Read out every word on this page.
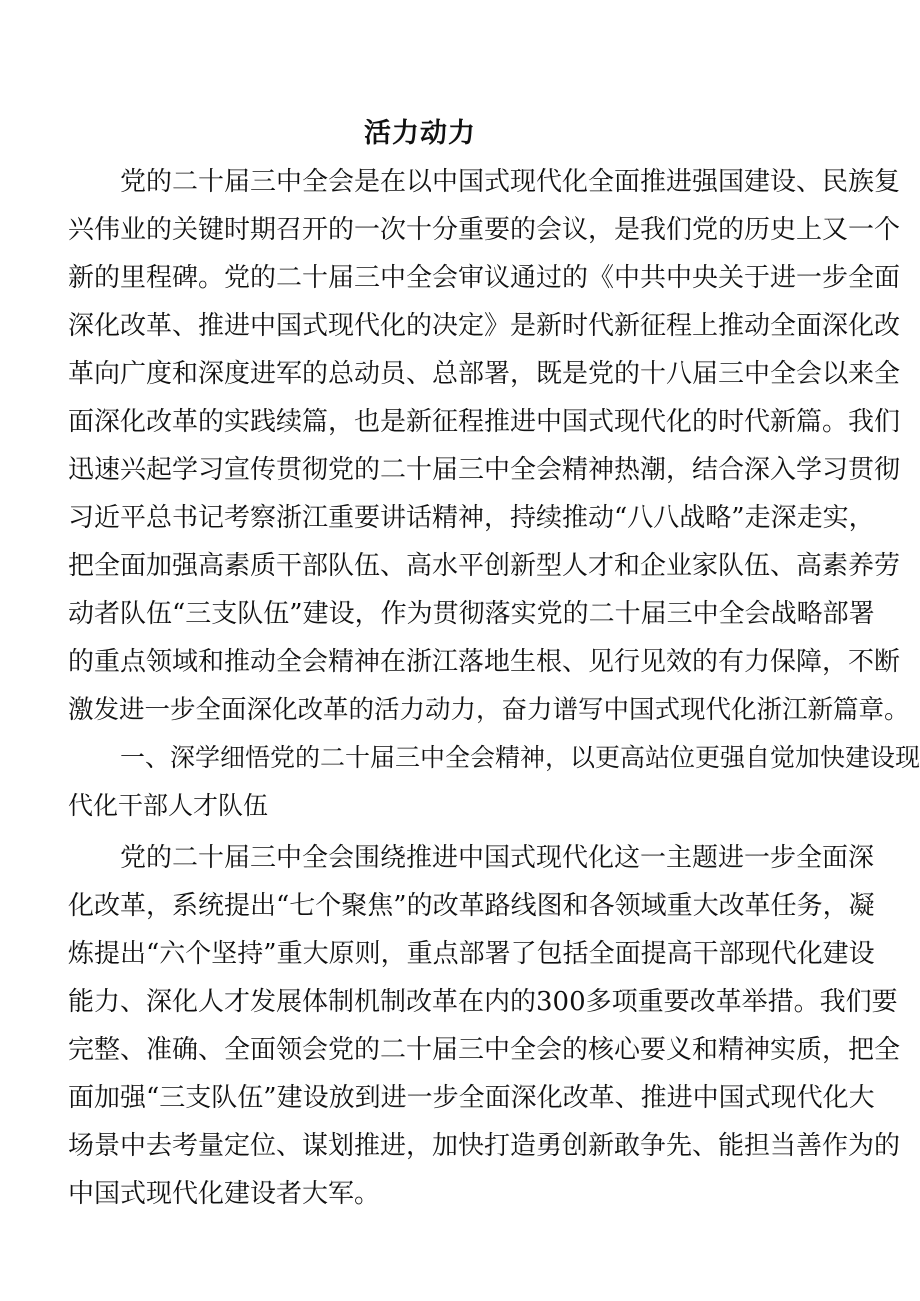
活力动力
党的二十届三中全会是在以中国式现代化全面推进强国建设、民族复
兴伟业的关键时期召开的一次十分重要的会议，是我们党的历史上又一个
新的里程碑。党的二十届三中全会审议通过的《中共中央关于进一步全面
深化改革、推进中国式现代化的决定》是新时代新征程上推动全面深化改
革向广度和深度进军的总动员、总部署，既是党的十八届三中全会以来全
面深化改革的实践续篇，也是新征程推进中国式现代化的时代新篇。我们
迅速兴起学习宣传贯彻党的二十届三中全会精神热潮，结合深入学习贯彻
习近平总书记考察浙江重要讲话精神，持续推动“八八战略”走深走实，
把全面加强高素质干部队伍、高水平创新型人才和企业家队伍、高素养劳
动者队伍“三支队伍”建设，作为贯彻落实党的二十届三中全会战略部署
的重点领域和推动全会精神在浙江落地生根、见行见效的有力保障，不断
激发进一步全面深化改革的活力动力，奋力谱写中国式现代化浙江新篇章。
一、深学细悟党的二十届三中全会精神，以更高站位更强自觉加快建设现
代化干部人才队伍
党的二十届三中全会围绕推进中国式现代化这一主题进一步全面深
化改革，系统提出“七个聚焦”的改革路线图和各领域重大改革任务，凝
炼提出“六个坚持”重大原则，重点部署了包括全面提高干部现代化建设
能力、深化人才发展体制机制改革在内的300多项重要改革举措。我们要
完整、准确、全面领会党的二十届三中全会的核心要义和精神实质，把全
面加强“三支队伍”建设放到进一步全面深化改革、推进中国式现代化大
场景中去考量定位、谋划推进，加快打造勇创新敢争先、能担当善作为的
中国式现代化建设者大军。
